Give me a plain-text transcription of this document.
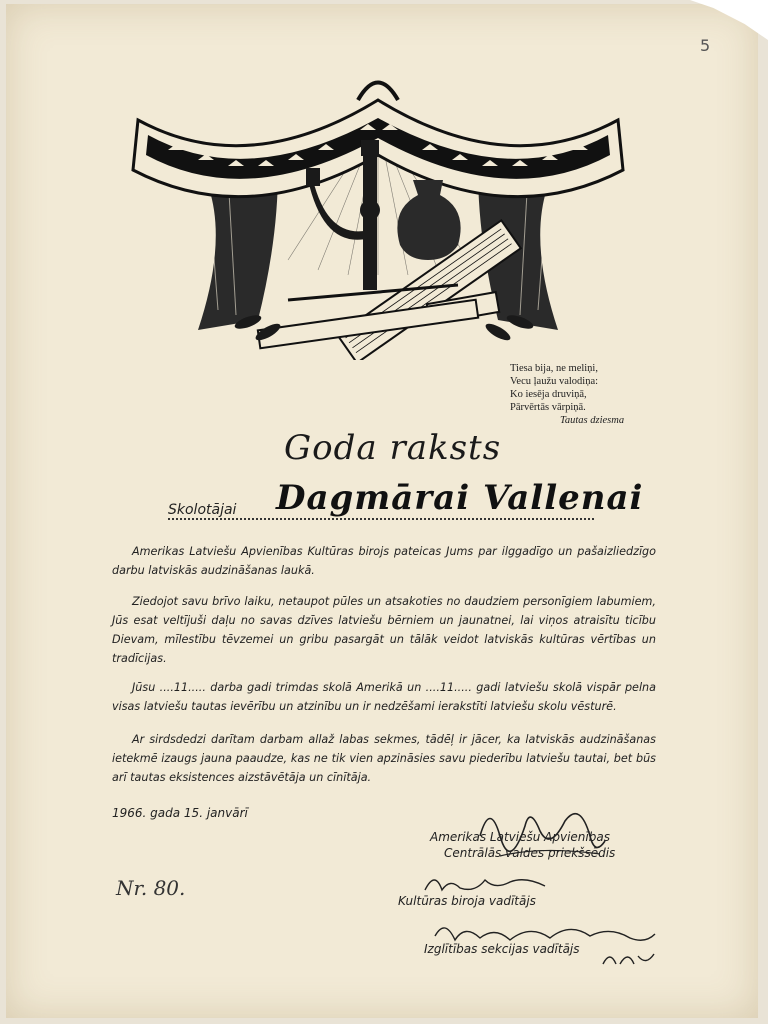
5
Tiesa bija, ne meliņi,
Vecu ļaužu valodiņa:
Ko iesēja druviņā,
Pārvērtās vārpiņā.
Tautas dziesma
Goda raksts
Skolotājai Dagmārai Vallenai
Amerikas Latviešu Apvienības Kultūras birojs pateicas Jums par ilggadīgo un pašaizliedzīgo darbu latviskās audzināšanas laukā.
Ziedojot savu brīvo laiku, netaupot pūles un atsakoties no daudziem personīgiem labumiem, Jūs esat veltījuši daļu no savas dzīves latviešu bērniem un jaunatnei, lai viņos atraisītu ticību Dievam, mīlestību tēvzemei un gribu pasargāt un tālāk veidot latviskās kultūras vērtības un tradīcijas.
Jūsu ....11..... darba gadi trimdas skolā Amerikā un ....11..... gadi latviešu skolā vispār pelna visas latviešu tautas ievērību un atzinību un ir nedzēšami ierakstīti latviešu skolu vēsturē.
Ar sirdsdedzi darītam darbam allaž labas sekmes, tādēļ ir jācer, ka latviskās audzināšanas ietekmē izaugs jauna paaudze, kas ne tik vien apzināsies savu piederību latviešu tautai, bet būs arī tautas eksistences aizstāvētāja un cīnītāja.
1966. gada 15. janvārī
Nr. 80.
Amerikas Latviešu Apvienības
Centrālās valdes priekšsēdis
Kultūras biroja vadītājs
Izglītības sekcijas vadītājs
